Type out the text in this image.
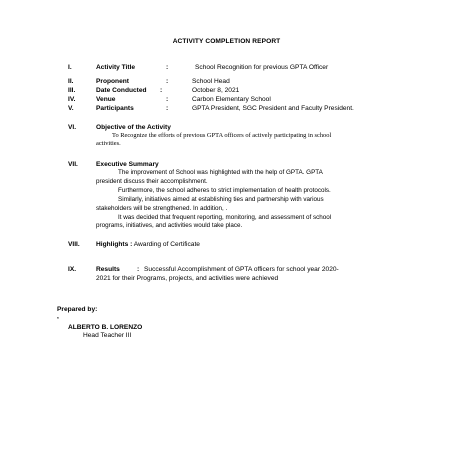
ACTIVITY COMPLETION REPORT
I.	Activity Title	:	School Recognition for previous GPTA Officer
II.	Proponent	:	School Head
III.	Date Conducted :	October 8, 2021
IV.	Venue	:	Carbon Elementary School
V.	Participants	:	GPTA President, SGC President and Faculty President.
VI.	Objective of the Activity
To Recognize the efforts of previous GPTA officers of actively participating in school
activities.
VII.	Executive Summary
The improvement of School was highlighted with the help of GPTA. GPTA
president discuss their accomplishment.
Furthermore, the school adheres to strict implementation of health protocols.
Similarly, initiatives aimed at establishing ties and partnership with various
stakeholders will be strengthened. In addition, .
It was decided that frequent reporting, monitoring, and assessment of school
programs, initiatives, and activities would take place.
VIII. Highlights : Awarding of Certificate
IX.	Results	: Successful Accomplishment of GPTA officers for school year 2020-
2021 for their Programs, projects, and activities were achieved
Prepared by:
,
ALBERTO B. LORENZO
Head Teacher III
